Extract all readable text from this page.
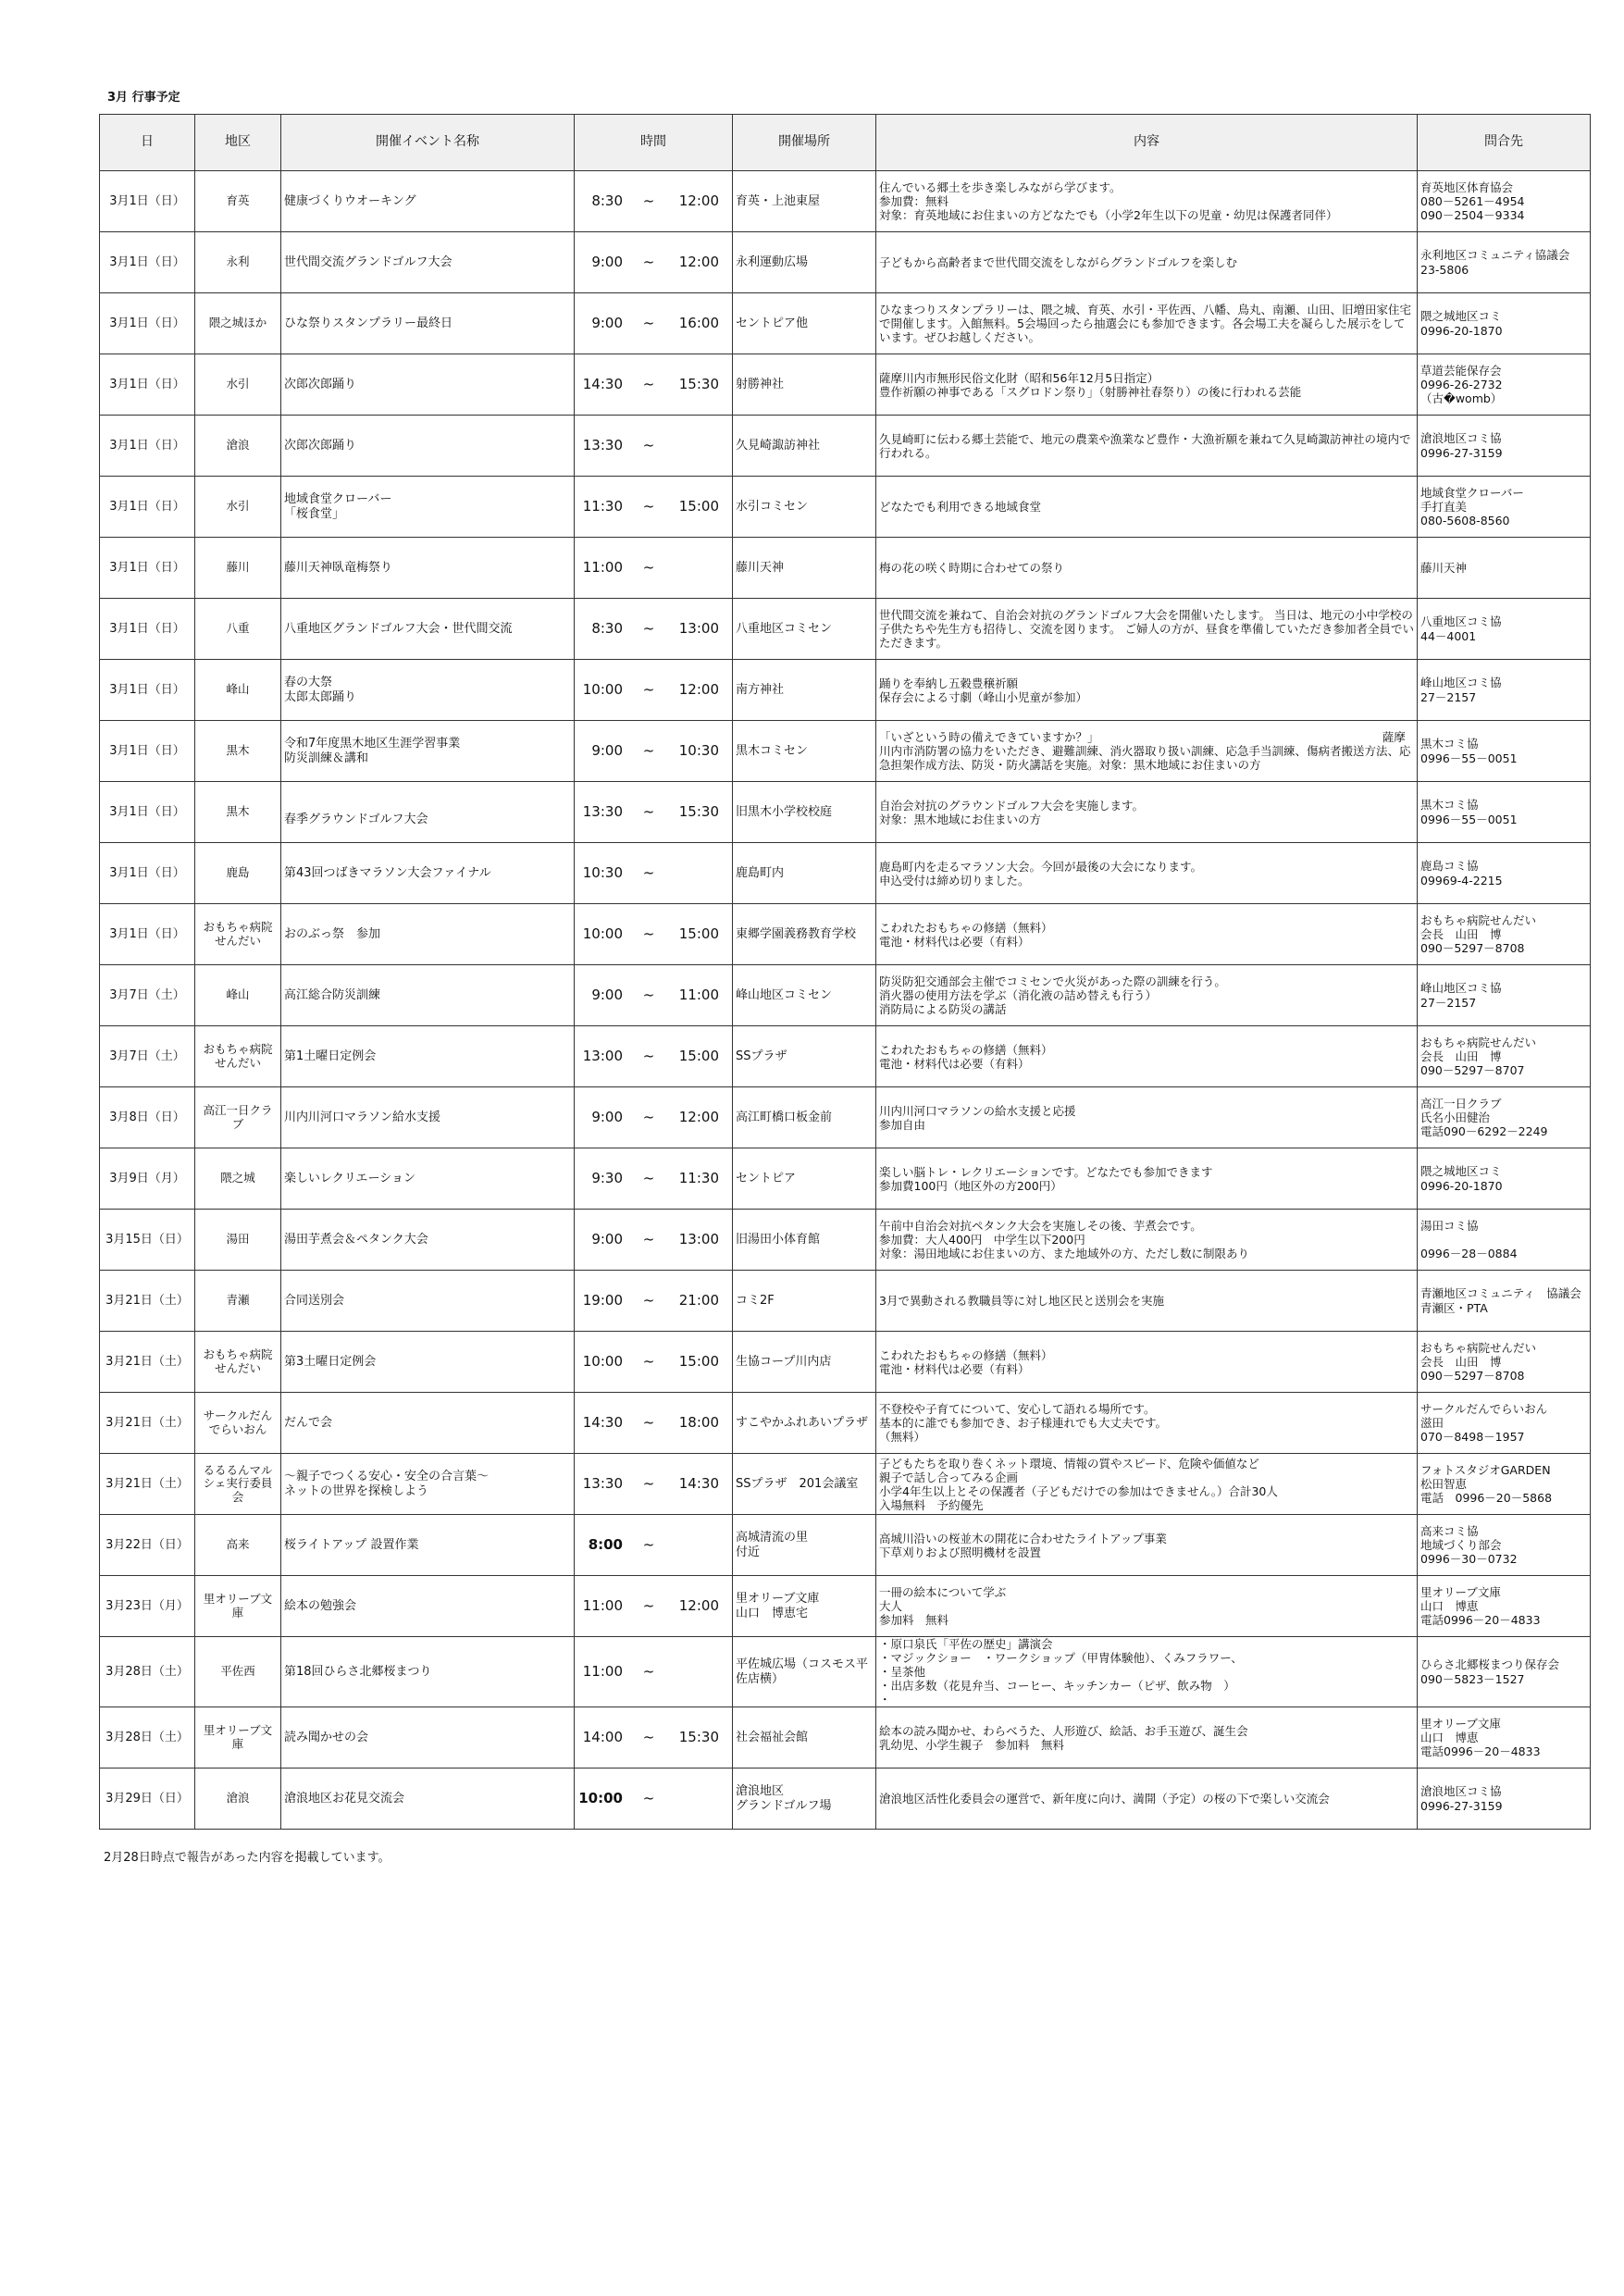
3月 行事予定
日	地区	開催イベント名称	時間	開催場所	内容	問合先
3月1日（日）	育英	健康づくりウオーキング	8:30 ~ 12:00	育英・上池東屋	住んでいる郷土を歩き楽しみながら学びます。
参加費：無料
対象：育英地域にお住まいの方どなたでも（小学2年生以下の児童・幼児は保護者同伴）	育英地区体育協会
080－5261－4954
090－2504－9334
3月1日（日）	永利	世代間交流グランドゴルフ大会	9:00 ~ 12:00	永利運動広場	子どもから高齢者まで世代間交流をしながらグランドゴルフを楽しむ	永利地区コミュニティ協議会
23-5806
3月1日（日）	隈之城ほか	ひな祭りスタンプラリー最終日	9:00 ~ 16:00	セントピア他	ひなまつりスタンプラリーは、隈之城、育英、水引・平佐西、八幡、鳥丸、南瀬、山田、旧増田家住宅で開催します。入館無料。5会場回ったら抽選会にも参加できます。各会場工夫を凝らした展示をしています。ぜひお越しください。	隈之城地区コミ
0996-20-1870
3月1日（日）	水引	次郎次郎踊り	14:30 ~ 15:30	射勝神社	薩摩川内市無形民俗文化財（昭和56年12月5日指定）
豊作祈願の神事である「スグロドン祭り」（射勝神社春祭り）の後に行われる芸能	草道芸能保存会
0996-26-2732
（古�womb）
3月1日（日）	滄浪	次郎次郎踊り	13:30 ~	久見崎諏訪神社	久見崎町に伝わる郷土芸能で、地元の農業や漁業など豊作・大漁祈願を兼ねて久見崎諏訪神社の境内で行われる。	滄浪地区コミ協
0996-27-3159
3月1日（日）	水引	地域食堂クローバー
「桜食堂」	11:30 ~ 15:00	水引コミセン	どなたでも利用できる地域食堂	地域食堂クローバー
手打直美
080-5608-8560
3月1日（日）	藤川	藤川天神臥竜梅祭り	11:00 ~	藤川天神	梅の花の咲く時期に合わせての祭り	藤川天神
3月1日（日）	八重	八重地区グランドゴルフ大会・世代間交流	8:30 ~ 13:00	八重地区コミセン	世代間交流を兼ねて、自治会対抗のグランドゴルフ大会を開催いたします。 当日は、地元の小中学校の子供たちや先生方も招待し、交流を図ります。 ご婦人の方が、昼食を準備していただき参加者全員でいただきます。	八重地区コミ協
44－4001
3月1日（日）	峰山	春の大祭
太郎太郎踊り	10:00 ~ 12:00	南方神社	踊りを奉納し五穀豊穣祈願
保存会による寸劇（峰山小児童が参加）	峰山地区コミ協
27－2157
3月1日（日）	黒木	令和7年度黒木地区生涯学習事業
防災訓練＆講和	9:00 ~ 10:30	黒木コミセン	「いざという時の備えできていますか？」　　　　　　　　　　　　　　　　　　　　　　　　　薩摩川内市消防署の協力をいただき、避難訓練、消火器取り扱い訓練、応急手当訓練、傷病者搬送方法、応急担架作成方法、防災・防火講話を実施。対象：黒木地域にお住まいの方	黒木コミ協
0996－55－0051
3月1日（日）	黒木	
春季グラウンドゴルフ大会	13:30 ~ 15:30	旧黒木小学校校庭	自治会対抗のグラウンドゴルフ大会を実施します。
対象：黒木地域にお住まいの方	黒木コミ協
0996－55－0051
3月1日（日）	鹿島	第43回つばきマラソン大会ファイナル	10:30 ~	鹿島町内	鹿島町内を走るマラソン大会。今回が最後の大会になります。
申込受付は締め切りました。	鹿島コミ協
09969-4-2215
3月1日（日）	おもちゃ病院
せんだい	おのぶっ祭　参加	10:00 ~ 15:00	東郷学園義務教育学校	こわれたおもちゃの修繕（無料）
電池・材料代は必要（有料）	おもちゃ病院せんだい
会長　山田　博
090－5297－8708
3月7日（土）	峰山	高江総合防災訓練	9:00 ~ 11:00	峰山地区コミセン	防災防犯交通部会主催でコミセンで火災があった際の訓練を行う。
消火器の使用方法を学ぶ（消化液の詰め替えも行う）
消防局による防災の講話	峰山地区コミ協
27－2157
3月7日（土）	おもちゃ病院
せんだい	第1土曜日定例会	13:00 ~ 15:00	SSプラザ	こわれたおもちゃの修繕（無料）
電池・材料代は必要（有料）	おもちゃ病院せんだい
会長　山田　博
090－5297－8707
3月8日（日）	高江一日クラブ	川内川河口マラソン給水支援	9:00 ~ 12:00	高江町橋口板金前	川内川河口マラソンの給水支援と応援
参加自由	高江一日クラブ
氏名小田健治
電話090－6292－2249
3月9日（月）	隈之城	楽しいレクリエーション	9:30 ~ 11:30	セントピア	楽しい脳トレ・レクリエーションです。どなたでも参加できます
参加費100円（地区外の方200円）	隈之城地区コミ
0996-20-1870
3月15日（日）	湯田	湯田芋煮会＆ペタンク大会	9:00 ~ 13:00	旧湯田小体育館	午前中自治会対抗ペタンク大会を実施しその後、芋煮会です。
参加費：大人400円　中学生以下200円
対象：湯田地域にお住まいの方、また地域外の方、ただし数に制限あり	湯田コミ協

0996－28－0884
3月21日（土）	青瀬	合同送別会	19:00 ~ 21:00	コミ2F	3月で異動される教職員等に対し地区民と送別会を実施	青瀬地区コミュニティ　協議会
青瀬区・PTA
3月21日（土）	おもちゃ病院
せんだい	第3土曜日定例会	10:00 ~ 15:00	生協コープ川内店	こわれたおもちゃの修繕（無料）
電池・材料代は必要（有料）	おもちゃ病院せんだい
会長　山田　博
090－5297－8708
3月21日（土）	サークルだん
でらいおん	だんで会	14:30 ~ 18:00	すこやかふれあいプラザ	不登校や子育てについて、安心して語れる場所です。
基本的に誰でも参加でき、お子様連れでも大丈夫です。
（無料）	サークルだんでらいおん
滋田
070－8498－1957
3月21日（土）	るるるんマル
シェ実行委員
会	～親子でつくる安心・安全の合言葉～
ネットの世界を探検しよう	13:30 ~ 14:30	SSプラザ　201会議室	子どもたちを取り巻くネット環境、情報の質やスピード、危険や価値など
親子で話し合ってみる企画
小学4年生以上とその保護者（子どもだけでの参加はできません。）合計30人
入場無料　予約優先	フォトスタジオGARDEN
松田智恵
電話　0996－20－5868
3月22日（日）	高来	桜ライトアップ 設置作業	8:00 ~	高城清流の里
付近	高城川沿いの桜並木の開花に合わせたライトアップ事業
下草刈りおよび照明機材を設置	高来コミ協
地域づくり部会
0996－30－0732
3月23日（月）	里オリーブ文
庫	絵本の勉強会	11:00 ~ 12:00	里オリーブ文庫
山口　博恵宅	一冊の絵本について学ぶ
大人
参加料　無料	里オリーブ文庫
山口　博恵
電話0996－20－4833
3月28日（土）	平佐西	第18回ひらさ北郷桜まつり	11:00 ~	平佐城広場（コスモス平佐店横）	・原口泉氏「平佐の歴史」講演会
・マジックショー　・ワークショップ（甲冑体験他）、くみフラワー、
・呈茶他
・出店多数（花見弁当、コーヒー、キッチンカー（ピザ、飲み物　）
・	ひらさ北郷桜まつり保存会
090－5823－1527
3月28日（土）	里オリーブ文
庫	読み聞かせの会	14:00 ~ 15:30	社会福祉会館	絵本の読み聞かせ、わらべうた、人形遊び、絵話、お手玉遊び、誕生会
乳幼児、小学生親子　参加料　無料	里オリーブ文庫
山口　博恵
電話0996－20－4833
3月29日（日）	滄浪	滄浪地区お花見交流会	10:00 ~	滄浪地区
グランドゴルフ場	滄浪地区活性化委員会の運営で、新年度に向け、満開（予定）の桜の下で楽しい交流会	滄浪地区コミ協
0996-27-3159
2月28日時点で報告があった内容を掲載しています。
